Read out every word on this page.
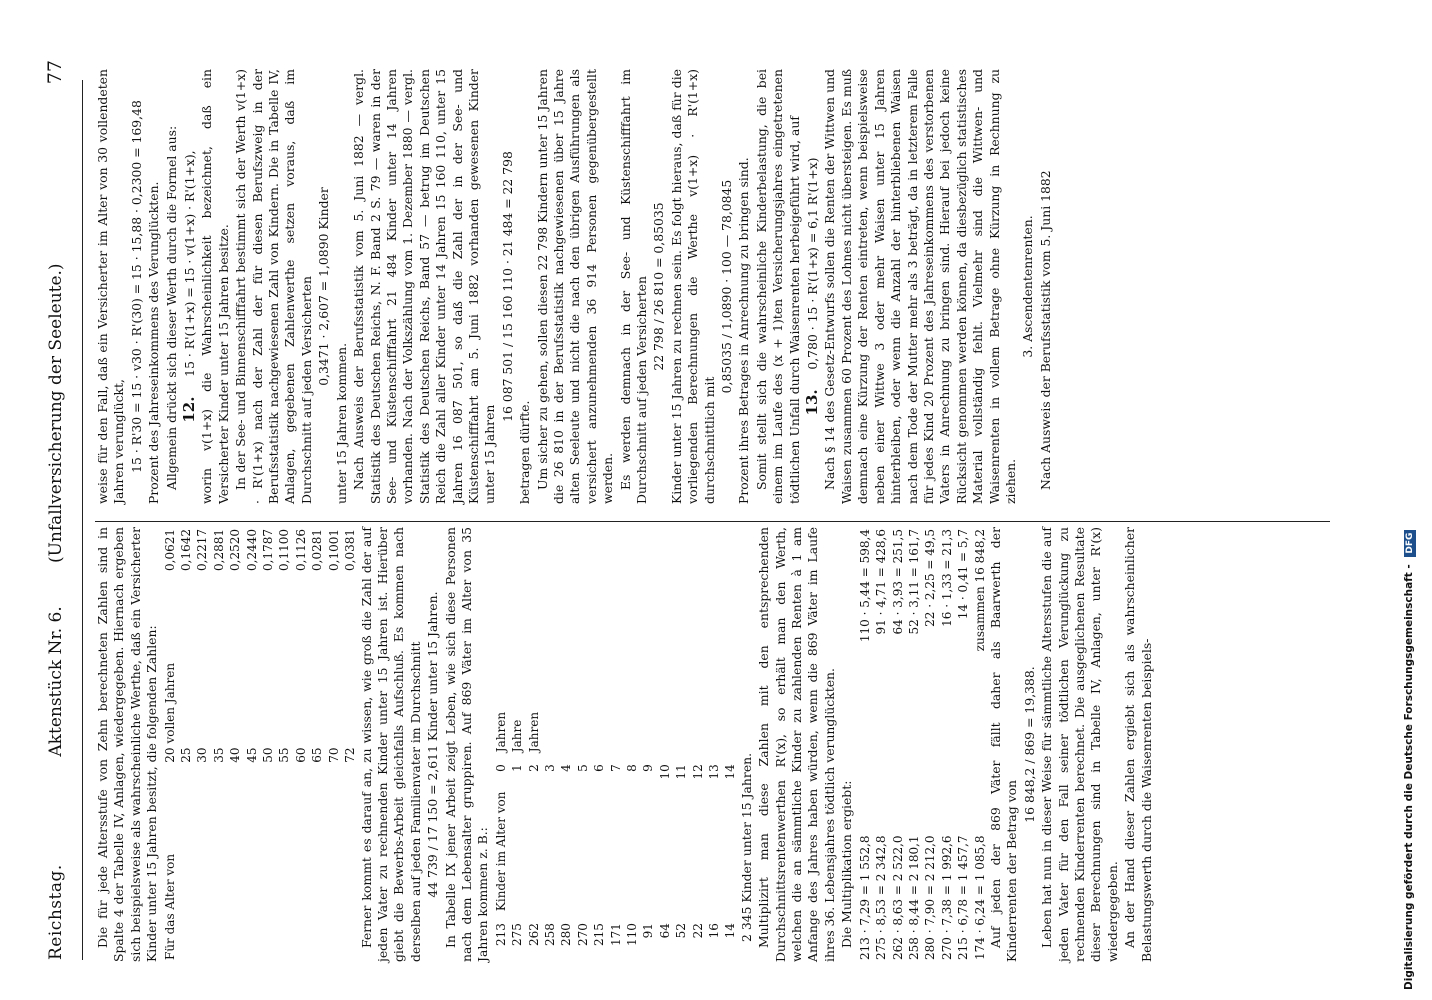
Reichstag.
Aktenstück Nr. 6.        (Unfallversicherung der Seeleute.)
77

Die für jede Altersstufe von Zehn berechneten Zahlen sind in Spalte 4 der Tabelle IV, Anlagen, wiedergegeben. Hiernach ergeben sich beispielsweise als wahrscheinliche Werthe, daß ein Versicherter Kinder unter 15 Jahren besitzt, die folgenden Zahlen: Für das Alter von	20	vollen Jahren	0,0621
	25		0,1642
	30		0,2217
	35		0,2881
	40		0,2520
	45		0,2440
	50		0,1787
	55		0,1100
	60		0,1126
	65		0,0281
	70		0,1001
	72		0,0381 Ferner kommt es darauf an, zu wissen, wie groß die Zahl der auf jeden Vater zu rechnenden Kinder unter 15 Jahren ist. Hierüber giebt die Bewerbs-Arbeit gleichfalls Aufschluß. Es kommen nach derselben auf jeden Familienvater im Durchschnitt 44 739 / 17 150 = 2,611 Kinder unter 15 Jahren. In Tabelle IX jener Arbeit zeigt Leben, wie sich diese Personen nach dem Lebensalter gruppiren. Auf 869 Väter im Alter von 35 Jahren kommen z. B.: 213	Kinder im Alter von	0	Jahren
275		1	Jahre
262		2	Jahren
258		3	
280		4	
270		5	
215		6	
171		7	
110		8	
91		9	
64		10	
52		11	
22		12	
16		13	
14		14	2 345 Kinder unter 15 Jahren. Multiplizirt man diese Zahlen mit den entsprechenden Durchschnittsrentenwerthen R'(x), so erhält man den Werth, welchen die an sämmtliche Kinder zu zahlenden Renten à 1 am Anfange des Jahres haben würden, wenn die 869 Väter im Laufe ihres 36. Lebensjahres tödtlich verunglückten. Die Multiplikation ergiebt: 213 · 7,29 = 1 552,8	110 · 5,44 = 598,4
275 · 8,53 = 2 342,8	91 · 4,71 = 428,6
262 · 8,63 = 2 522,0	64 · 3,93 = 251,5
258 · 8,44 = 2 180,1	52 · 3,11 = 161,7
280 · 7,90 = 2 212,0	22 · 2,25 = 49,5
270 · 7,38 = 1 992,6	16 · 1,33 = 21,3
215 · 6,78 = 1 457,7	14 · 0,41 = 5,7
174 · 6,24 = 1 085,8	zusammen 16 848,2 Auf jeden der 869 Väter fällt daher als Baarwerth der Kinderrenten der Betrag von 16 848,2 / 869 = 19,388. Leben hat nun in dieser Weise für sämmtliche Altersstufen die auf jeden Vater für den Fall seiner tödtlichen Verunglückung zu rechnenden Kinderrenten berechnet. Die ausgeglichenen Resultate dieser Berechnungen sind in Tabelle IV, Anlagen, unter R'(x) wiedergegeben. An der Hand dieser Zahlen ergiebt sich als wahrscheinlicher Belastungswerth durch die Waisenrenten beispiels-

weise für den Fall, daß ein Versicherter im Alter von 30 vollendeten Jahren verunglückt, 15 · R'30 = 15 · v30 · R'(30) = 15 · 15,88 · 0,2300 = 169,48 Prozent des Jahreseinkommens des Verunglückten. Allgemein drückt sich dieser Werth durch die Formel aus: 12.     15 · R'(1+x) = 15 · v(1+x) · R'(1+x), worin v(1+x) die Wahrscheinlichkeit bezeichnet, daß ein Versicherter Kinder unter 15 Jahren besitze. In der See- und Binnenschifffahrt bestimmt sich der Werth v(1+x) · R'(1+x) nach der Zahl der für diesen Berufszweig in der Berufsstatistik nachgewiesenen Zahl von Kindern. Die in Tabelle IV, Anlagen, gegebenen Zahlenwerthe setzen voraus, daß im Durchschnitt auf jeden Versicherten 0,3471 · 2,607 = 1,0890 Kinder

unter 15 Jahren kommen. Nach Ausweis der Berufsstatistik vom 5. Juni 1882 — vergl. Statistik des Deutschen Reichs, N. F. Band 2 S. 79 — waren in der See- und Küstenschifffahrt 21 484 Kinder unter 14 Jahren vorhanden. Nach der Volkszählung vom 1. Dezember 1880 — vergl. Statistik des Deutschen Reichs, Band 57 — betrug im Deutschen Reich die Zahl aller Kinder unter 14 Jahren 15 160 110, unter 15 Jahren 16 087 501, so daß die Zahl der in der See- und Küstenschifffahrt am 5. Juni 1882 vorhanden gewesenen Kinder unter 15 Jahren

16 087 501 / 15 160 110 · 21 484 = 22 798

betragen dürfte. Um sicher zu gehen, sollen diesen 22 798 Kindern unter 15 Jahren die 26 810 in der Berufsstatistik nachgewiesenen über 15 Jahre alten Seeleute und nicht die nach den übrigen Ausführungen als versichert anzunehmenden 36 914 Personen gegenübergestellt werden. Es werden demnach in der See- und Küstenschifffahrt im Durchschnitt auf jeden Versicherten 22 798 / 26 810 = 0,85035 Kinder unter 15 Jahren zu rechnen sein. Es folgt hieraus, daß für die vorliegenden Berechnungen die Werthe v(1+x) · R'(1+x) durchschnittlich mit

0,85035 / 1,0890 · 100 — 78,0845 Prozent ihres Betrages in Anrechnung zu bringen sind. Somit stellt sich die wahrscheinliche Kinderbelastung, die bei einem im Laufe des (x + 1)ten Versicherungsjahres eingetretenen tödtlichen Unfall durch Waisenrenten herbeigeführt wird, auf 13.     0,780 · 15 · R'(1+x) = 6,1 R'(1+x) Nach § 14 des Gesetz-Entwurfs sollen die Renten der Wittwen und Waisen zusammen 60 Prozent des Lohnes nicht übersteigen. Es muß demnach eine Kürzung der Renten eintreten, wenn beispielsweise neben einer Wittwe 3 oder mehr Waisen unter 15 Jahren hinterbleiben, oder wenn die Anzahl der hinterbliebenen Waisen nach dem Tode der Mutter mehr als 3 beträgt, da in letzterem Falle für jedes Kind 20 Prozent des Jahreseinkommens des verstorbenen Vaters in Anrechnung zu bringen sind. Hierauf bei jedoch keine Rücksicht genommen werden können, da diesbezüglich statistisches Material vollständig fehlt. Vielmehr sind die Wittwen- und Waisenrenten in vollem Betrage ohne Kürzung in Rechnung zu ziehen.

3. Ascendentenrenten. Nach Ausweis der Berufsstatistik vom 5. Juni 1882

Digitalisierung gefördert durch die Deutsche Forschungsgemeinschaft - DFG
